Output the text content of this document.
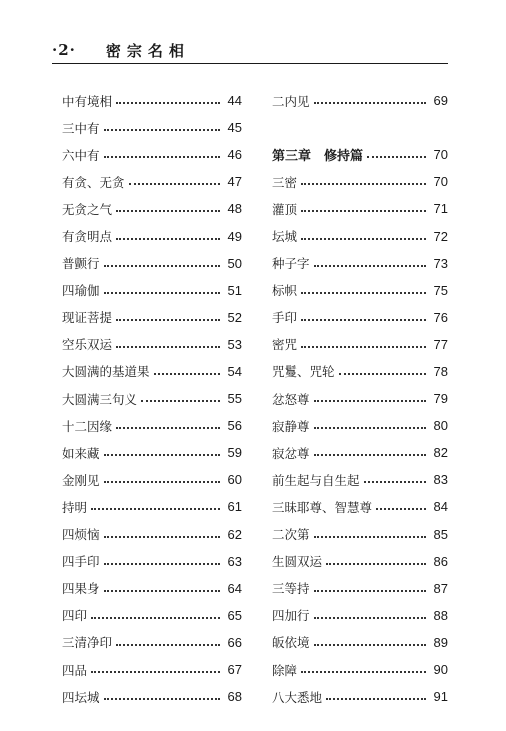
·2· 密宗名相
中有境相	44
三中有	45
六中有	46
有贪、无贪	47
无贪之气	48
有贪明点	49
普颤行	50
四瑜伽	51
现证菩提	52
空乐双运	53
大圆满的基道果	54
大圆满三句义	55
十二因缘	56
如来藏	59
金刚见	60
持明	61
四烦恼	62
四手印	63
四果身	64
四印	65
三清净印	66
四品	67
四坛城	68
二内见	69
第三章　修持篇	70
三密	70
灌顶	71
坛城	72
种子字	73
标帜	75
手印	76
密咒	77
咒鬘、咒轮	78
忿怒尊	79
寂静尊	80
寂忿尊	82
前生起与自生起	83
三昧耶尊、智慧尊	84
二次第	85
生圆双运	86
三等持	87
四加行	88
皈依境	89
除障	90
八大悉地	91
